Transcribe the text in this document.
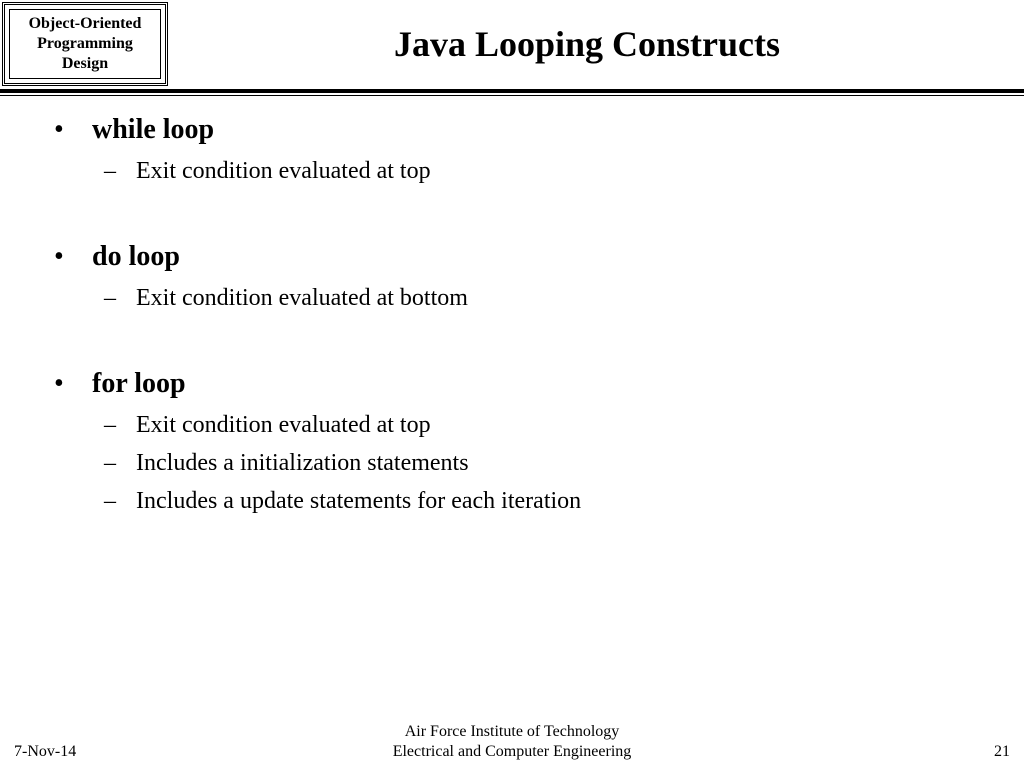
Object-Oriented
Programming
Design	Java Looping Constructs
• while loop
– Exit condition evaluated at top
• do loop
– Exit condition evaluated at bottom
• for loop
– Exit condition evaluated at top
– Includes a initialization statements
– Includes a update statements for each iteration
7-Nov-14
Air Force Institute of Technology
Electrical and Computer Engineering	21
